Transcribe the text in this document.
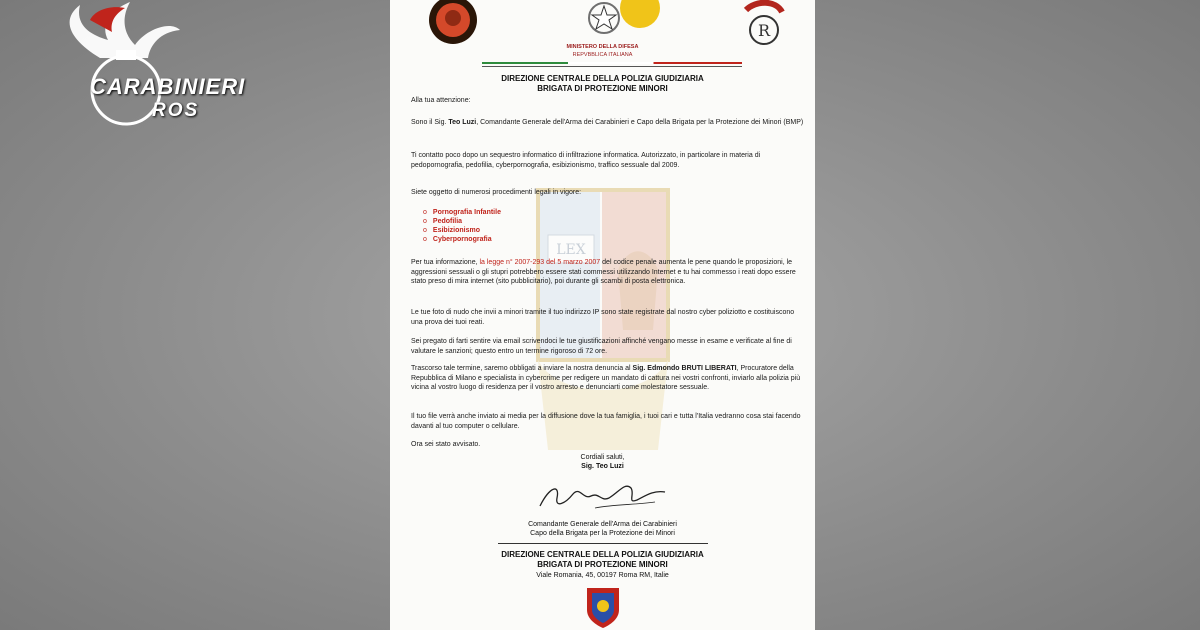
CARABINIERI
ROS
LEX
R
MINISTERO DELLA DIFESA
REPVBBLICA ITALIANA
DIREZIONE CENTRALE DELLA POLIZIA GIUDIZIARIA
BRIGATA DI PROTEZIONE MINORI

Alla tua attenzione:

Sono il Sig. Teo Luzi, Comandante Generale dell'Arma dei Carabinieri e Capo della Brigata per la Protezione dei Minori (BMP)

Ti contatto poco dopo un sequestro informatico di infiltrazione informatica. Autorizzato, in particolare in materia di pedopornografia, pedofilia, cyberpornografia, esibizionismo, traffico sessuale dal 2009.

Siete oggetto di numerosi procedimenti legali in vigore:

o Pornografia Infantile
o Pedofilia
o Esibizionismo
o Cyberpornografia

Per tua informazione, la legge n° 2007-293 del 5 marzo 2007 del codice penale aumenta le pene quando le proposizioni, le aggressioni sessuali o gli stupri potrebbero essere stati commessi utilizzando Internet e tu hai commesso i reati dopo essere stato preso di mira internet (sito pubblicitario), poi durante gli scambi di posta elettronica.

Le tue foto di nudo che invii a minori tramite il tuo indirizzo IP sono state registrate dal nostro cyber poliziotto e costituiscono una prova dei tuoi reati.

Sei pregato di farti sentire via email scrivendoci le tue giustificazioni affinché vengano messe in esame e verificate al fine di valutare le sanzioni; questo entro un termine rigoroso di 72 ore.

Trascorso tale termine, saremo obbligati a inviare la nostra denuncia al Sig. Edmondo BRUTI LIBERATI, Procuratore della Repubblica di Milano e specialista in cybercrime per redigere un mandato di cattura nei vostri confronti, inviarlo alla polizia più vicina al vostro luogo di residenza per il vostro arresto e denunciarti come molestatore sessuale.

Il tuo file verrà anche inviato ai media per la diffusione dove la tua famiglia, i tuoi cari e tutta l'Italia vedranno cosa stai facendo davanti al tuo computer o cellulare.

Ora sei stato avvisato.

Cordiali saluti,
Sig. Teo Luzi
Comandante Generale dell'Arma dei Carabinieri
Capo della Brigata per la Protezione dei Minori
DIREZIONE CENTRALE DELLA POLIZIA GIUDIZIARIA
BRIGATA DI PROTEZIONE MINORI
Viale Romania, 45, 00197 Roma RM, Italie
